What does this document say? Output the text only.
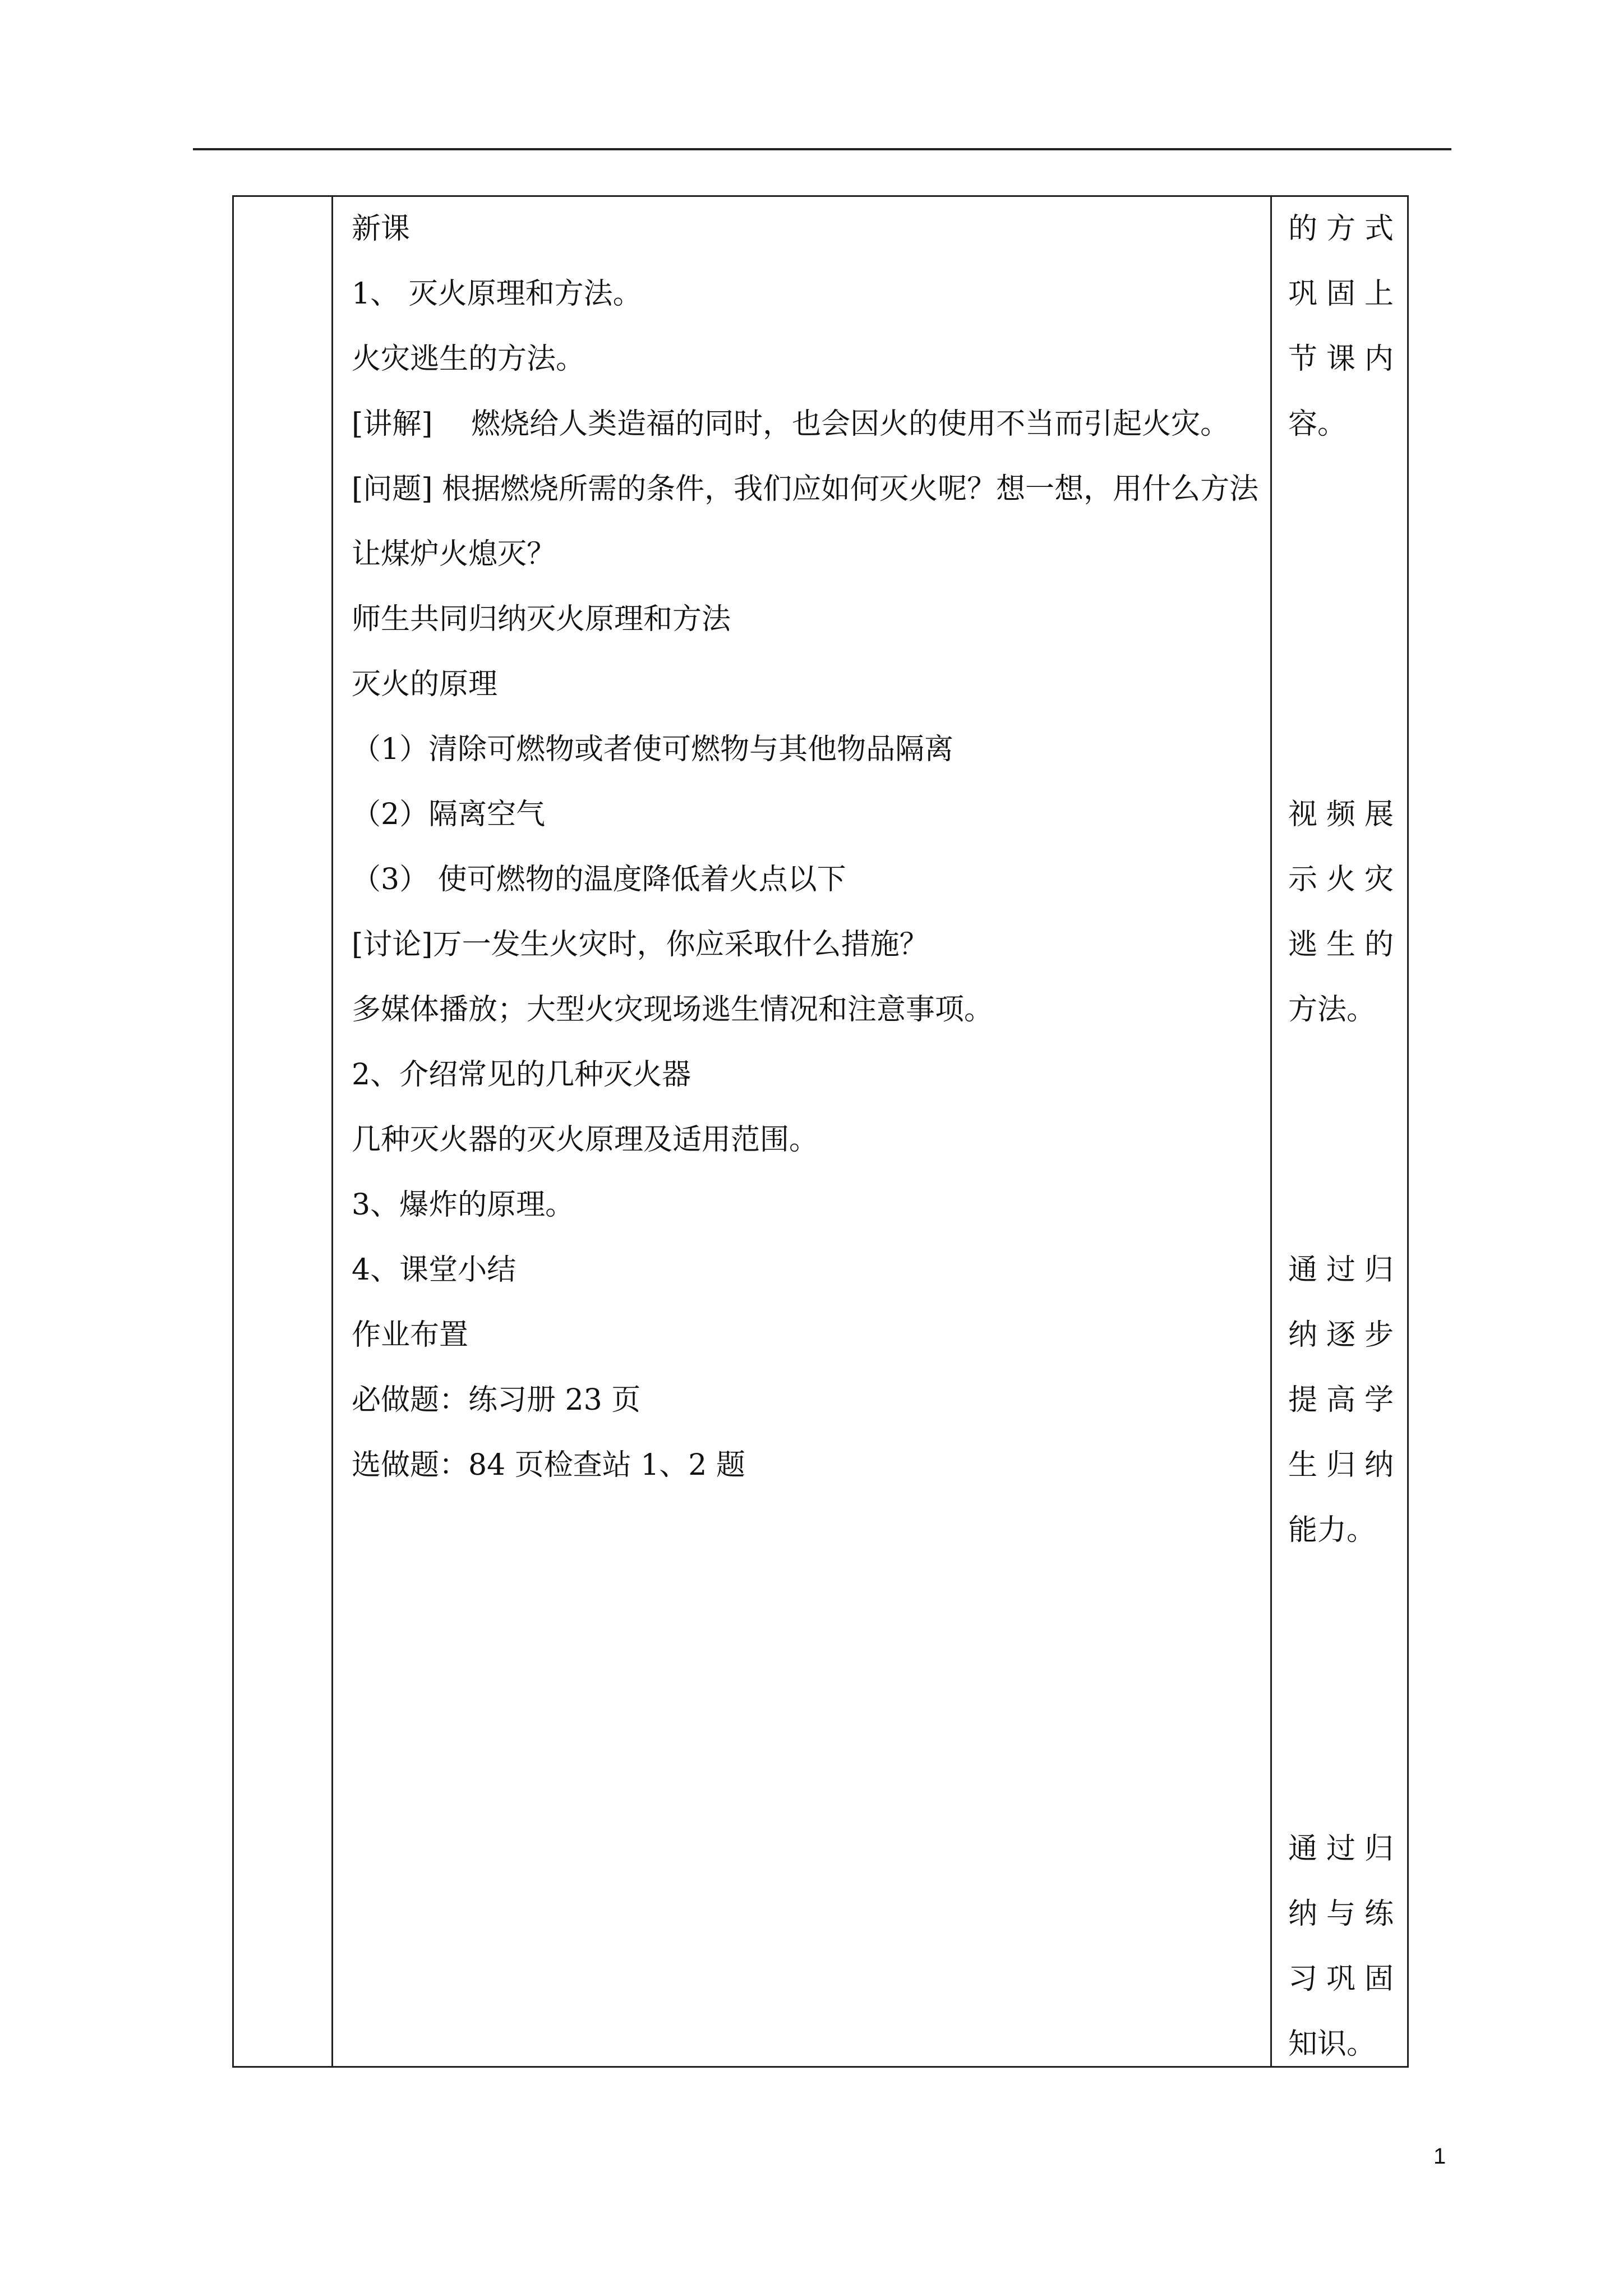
新课
1、 灭火原理和方法。
火灾逃生的方法。
[讲解]　 燃烧给人类造福的同时，也会因火的使用不当而引起火灾。
[问题] 根据燃烧所需的条件，我们应如何灭火呢？想一想，用什么方法
让煤炉火熄灭？
师生共同归纳灭火原理和方法
灭火的原理
（1）清除可燃物或者使可燃物与其他物品隔离
（2）隔离空气
（3） 使可燃物的温度降低着火点以下
[讨论]万一发生火灾时，你应采取什么措施？
多媒体播放；大型火灾现场逃生情况和注意事项。
2、介绍常见的几种灭火器
几种灭火器的灭火原理及适用范围。
3、爆炸的原理。
4、课堂小结
作业布置
必做题：练习册 23 页
选做题：84 页检查站 1、2 题
的方式
巩固上
节课内
容。
视频展
示火灾
逃生的
方法。
通过归
纳逐步
提高学
生归纳
能力。
通过归
纳与练
习巩固
知识。
1
